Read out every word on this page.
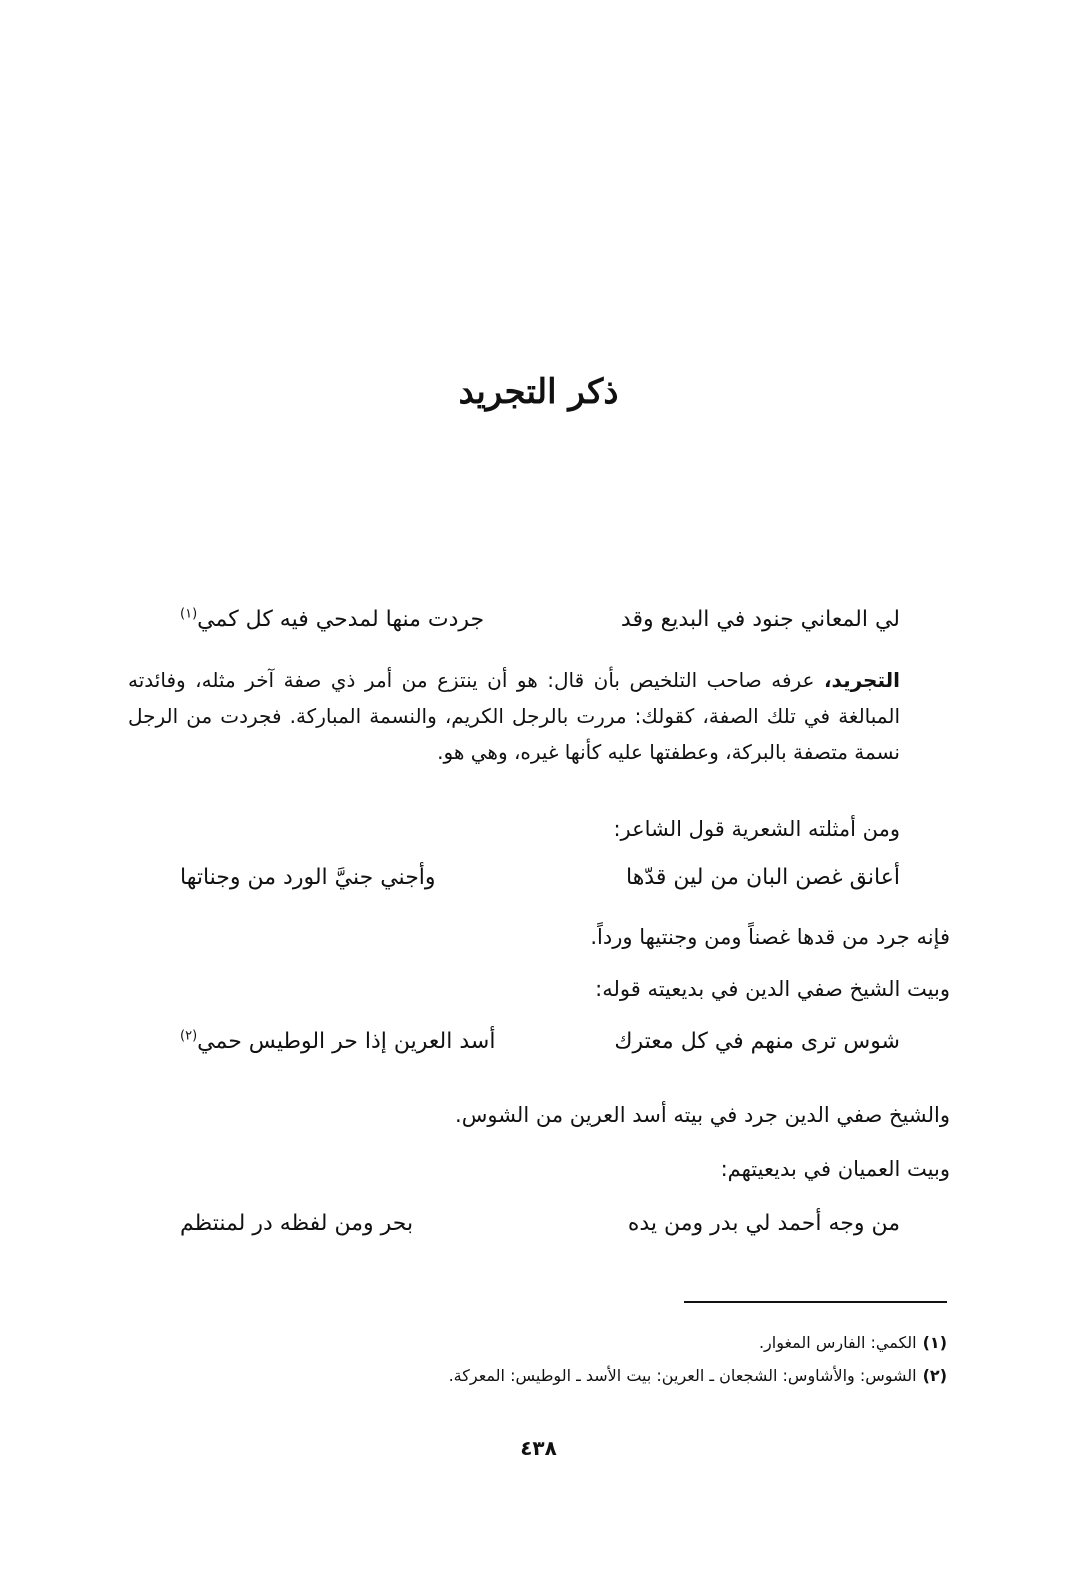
ذكر التجريد
لي المعاني جنود في البديع وقد
جردت منها لمدحي فيه كل كمي$^{(١)}$
التجريد، عرفه صاحب التلخيص بأن قال: هو أن ينتزع من أمر ذي صفة آخر مثله، وفائدته المبالغة في تلك الصفة، كقولك: مررت بالرجل الكريم، والنسمة المباركة. فجردت من الرجل نسمة متصفة بالبركة، وعطفتها عليه كأنها غيره، وهي هو.
ومن أمثلته الشعرية قول الشاعر:
أعانق غصن البان من لين قدّها
وأجني جنيَّ الورد من وجناتها
فإنه جرد من قدها غصناً ومن وجنتيها ورداً.
وبيت الشيخ صفي الدين في بديعيته قوله:
شوس ترى منهم في كل معترك
أسد العرين إذا حر الوطيس حمي$^{(٢)}$
والشيخ صفي الدين جرد في بيته أسد العرين من الشوس.
وبيت العميان في بديعيتهم:
من وجه أحمد لي بدر ومن يده
بحر ومن لفظه در لمنتظم
(١)الكمي: الفارس المغوار.
(٢)الشوس: والأشاوس: الشجعان ـ العرين: بيت الأسد ـ الوطيس: المعركة.
٤٣٨
